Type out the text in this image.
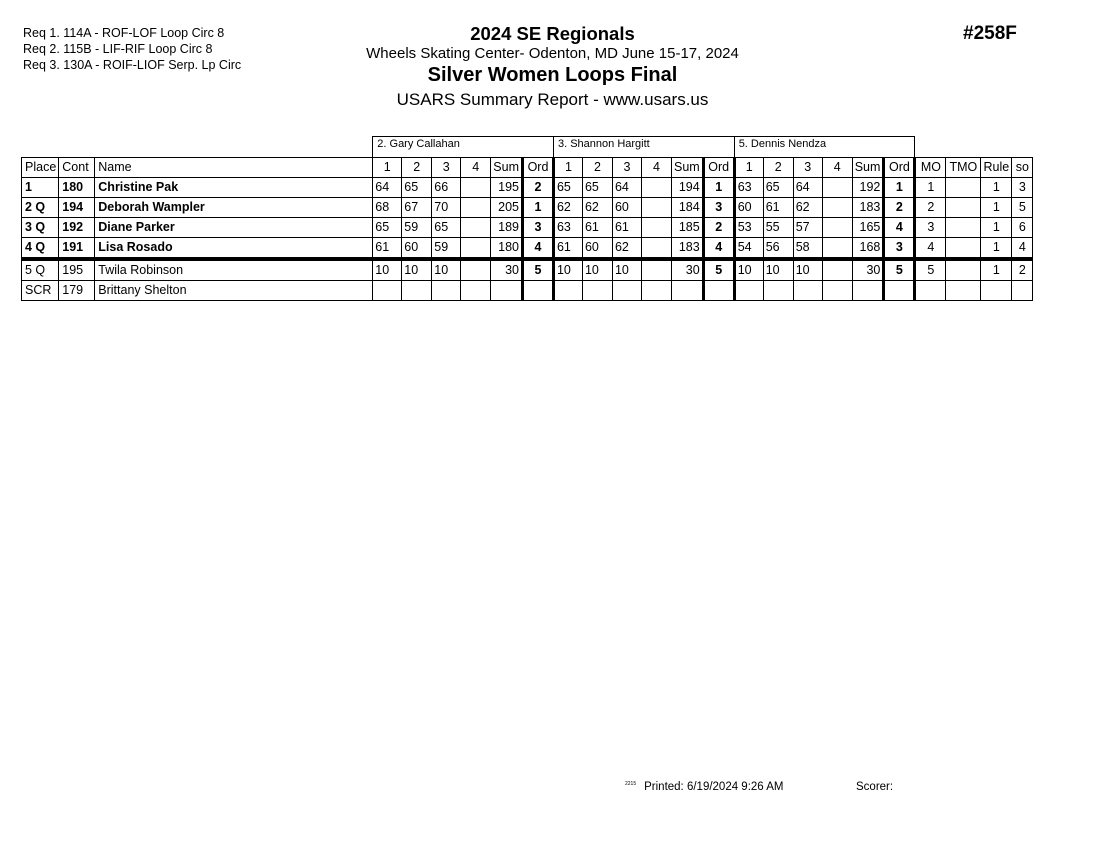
Req 1. 114A - ROF-LOF Loop Circ 8
Req 2. 115B - LIF-RIF Loop Circ 8
Req 3. 130A - ROIF-LIOF Serp. Lp Circ
2024 SE Regionals
Wheels Skating Center- Odenton, MD June 15-17, 2024
Silver Women Loops Final
USARS Summary Report - www.usars.us
#258F
			2. Gary Callahan						3. Shannon Hargitt						5. Dennis Nendza									
Place	Cont	Name	1	2	3	4	Sum	Ord	1	2	3	4	Sum	Ord	1	2	3	4	Sum	Ord	MO	TMO	Rule	so
1	180	Christine Pak	64	65	66		195	2	65	65	64		194	1	63	65	64		192	1	1		1	3
2 Q	194	Deborah Wampler	68	67	70		205	1	62	62	60		184	3	60	61	62		183	2	2		1	5
3 Q	192	Diane Parker	65	59	65		189	3	63	61	61		185	2	53	55	57		165	4	3		1	6
4 Q	191	Lisa Rosado	61	60	59		180	4	61	60	62		183	4	54	56	58		168	3	4		1	4
5 Q	195	Twila Robinson	10	10	10		30	5	10	10	10		30	5	10	10	10		30	5	5		1	2
SCR	179	Brittany Shelton																						
$^{2215}$ Printed: 6/19/2024 9:26 AM	Scorer:
